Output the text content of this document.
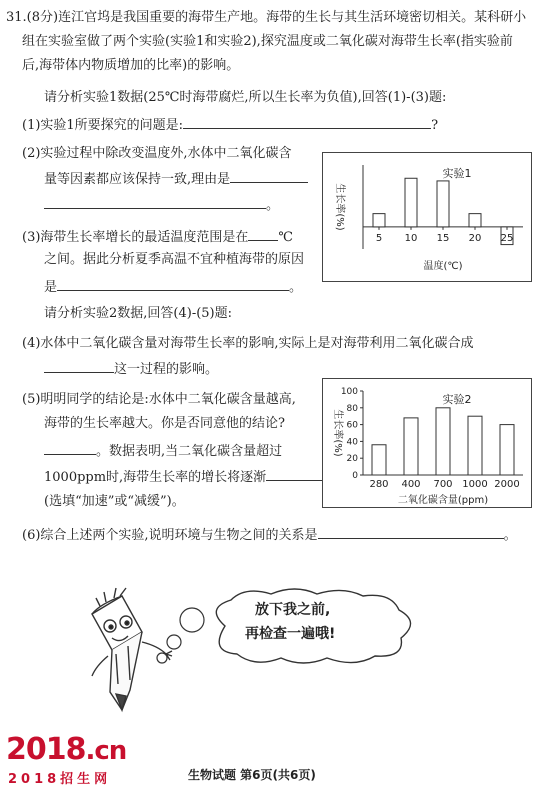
31.(8分)连江官坞是我国重要的海带生产地。海带的生长与其生活环境密切相关。某科研小
组在实验室做了两个实验(实验1和实验2),探究温度或二氧化碳对海带生长率(指实验前
后,海带体内物质增加的比率)的影响。
请分析实验1数据(25℃时海带腐烂,所以生长率为负值),回答(1)-(3)题:
(1)实验1所要探究的问题是:	?
(2)实验过程中除改变温度外,水体中二氧化碳含
量等因素都应该保持一致,理由是
。
(3)海带生长率增长的最适温度范围是在 ℃
之间。据此分析夏季高温不宜种植海带的原因
是	。
请分析实验2数据,回答(4)-(5)题:
(4)水体中二氧化碳含量对海带生长率的影响,实际上是对海带利用二氧化碳合成
这一过程的影响。
(5)明明同学的结论是:水体中二氧化碳含量越高,
海带的生长率越大。你是否同意他的结论?
。数据表明,当二氧化碳含量超过
1000ppm时,海带生长率的增长将逐渐
(选填“加速”或“减缓”)。
(6)综合上述两个实验,说明环境与生物之间的关系是	。
5 10 15 20 25
实验1
生长率(%)
温度(℃)
0
20
40
60
80
100
280 400 700 1000 2000
实验2
生长率(%)
二氧化碳含量(ppm)
放下我之前,
再检查一遍哦!
2018.cn
2018招生网	生物试题 第6页(共6页)
